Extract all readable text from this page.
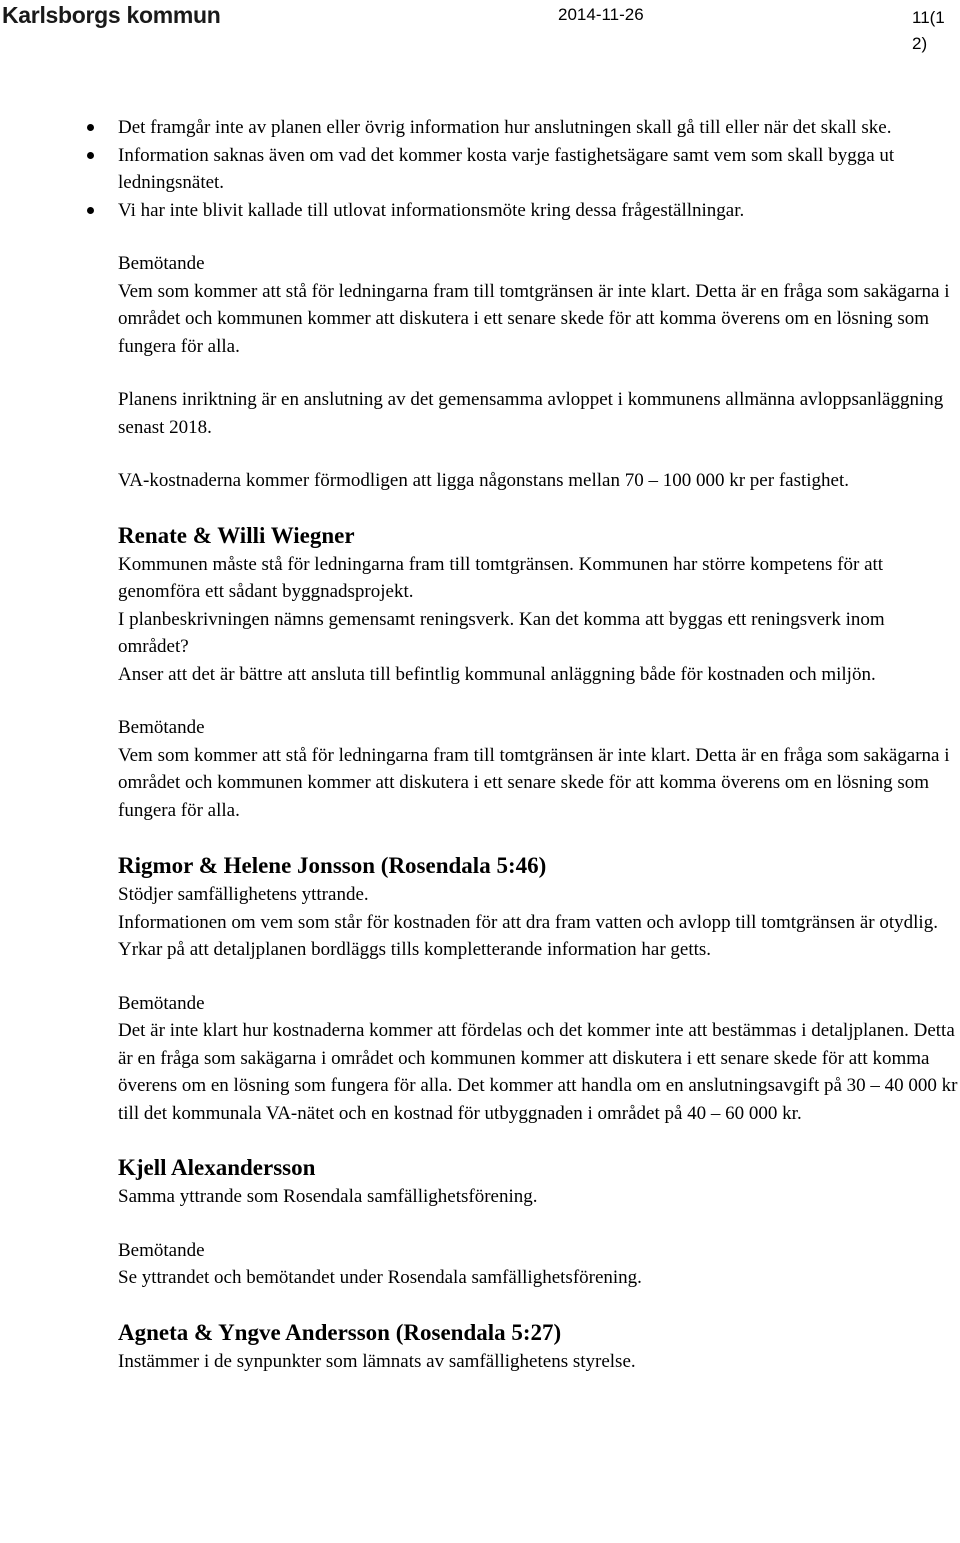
Karlsborgs kommun	2014-11-26	11(12)
Det framgår inte av planen eller övrig information hur anslutningen skall gå till eller när det skall ske.
Information saknas även om vad det kommer kosta varje fastighetsägare samt vem som skall bygga ut ledningsnätet.
Vi har inte blivit kallade till utlovat informationsmöte kring dessa frågeställningar.
Bemötande

Vem som kommer att stå för ledningarna fram till tomtgränsen är inte klart. Detta är en fråga som sakägarna i området och kommunen kommer att diskutera i ett senare skede för att komma överens om en lösning som fungera för alla.

Planens inriktning är en anslutning av det gemensamma avloppet i kommunens allmänna avloppsanläggning senast 2018.

VA-kostnaderna kommer förmodligen att ligga någonstans mellan 70 – 100 000 kr per fastighet.

Renate & Willi Wiegner

Kommunen måste stå för ledningarna fram till tomtgränsen. Kommunen har större kompetens för att genomföra ett sådant byggnadsprojekt.

I planbeskrivningen nämns gemensamt reningsverk. Kan det komma att byggas ett reningsverk inom området?

Anser att det är bättre att ansluta till befintlig kommunal anläggning både för kostnaden och miljön.

Bemötande

Vem som kommer att stå för ledningarna fram till tomtgränsen är inte klart. Detta är en fråga som sakägarna i området och kommunen kommer att diskutera i ett senare skede för att komma överens om en lösning som fungera för alla.

Rigmor & Helene Jonsson (Rosendala 5:46)

Stödjer samfällighetens yttrande.

Informationen om vem som står för kostnaden för att dra fram vatten och avlopp till tomtgränsen är otydlig.

Yrkar på att detaljplanen bordläggs tills kompletterande information har getts.

Bemötande

Det är inte klart hur kostnaderna kommer att fördelas och det kommer inte att bestämmas i detaljplanen. Detta är en fråga som sakägarna i området och kommunen kommer att diskutera i ett senare skede för att komma överens om en lösning som fungera för alla. Det kommer att handla om en anslutningsavgift på 30 – 40 000 kr till det kommunala VA-nätet och en kostnad för utbyggnaden i området på 40 – 60 000 kr.

Kjell Alexandersson

Samma yttrande som Rosendala samfällighetsförening.

Bemötande

Se yttrandet och bemötandet under Rosendala samfällighetsförening.

Agneta & Yngve Andersson (Rosendala 5:27)

Instämmer i de synpunkter som lämnats av samfällighetens styrelse.
